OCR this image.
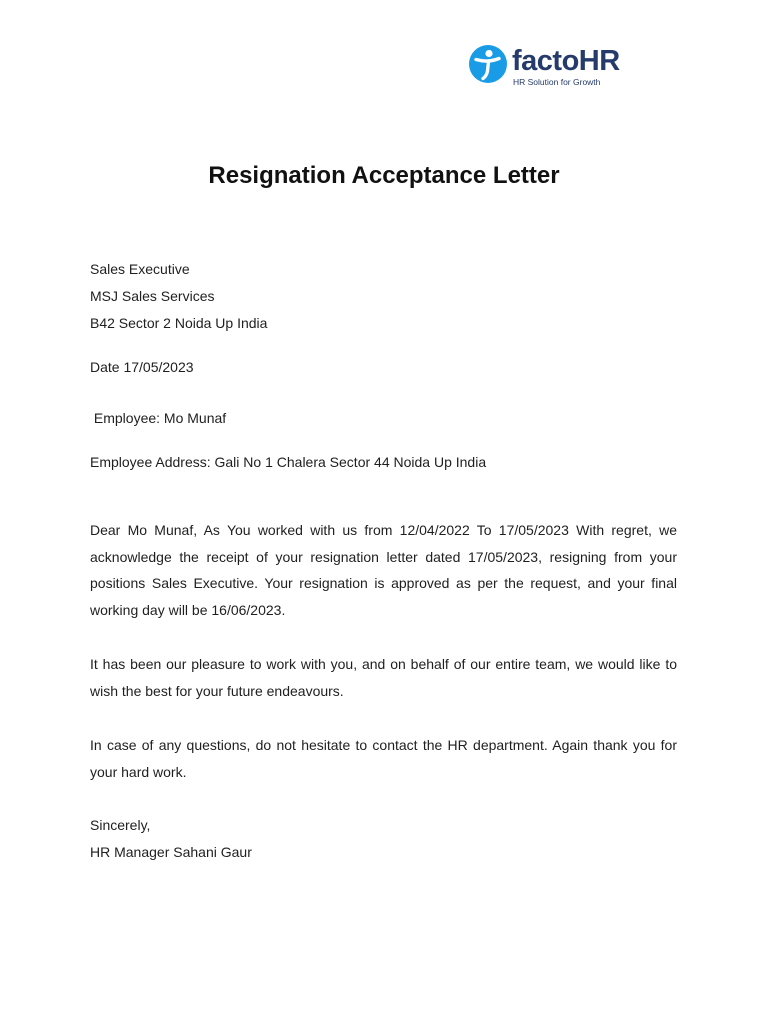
factoHR
HR Solution for Growth
Resignation Acceptance Letter
Sales Executive
MSJ Sales Services
B42 Sector 2 Noida Up India
Date 17/05/2023
Employee: Mo Munaf
Employee Address: Gali No 1 Chalera Sector 44 Noida Up India
Dear Mo Munaf, As You worked with us from 12/04/2022 To 17/05/2023 With regret, we acknowledge the receipt of your resignation letter dated 17/05/2023, resigning from your positions Sales Executive. Your resignation is approved as per the request, and your final working day will be 16/06/2023.
It has been our pleasure to work with you, and on behalf of our entire team, we would like to wish the best for your future endeavours.
In case of any questions, do not hesitate to contact the HR department. Again thank you for your hard work.
Sincerely,
HR Manager Sahani Gaur
